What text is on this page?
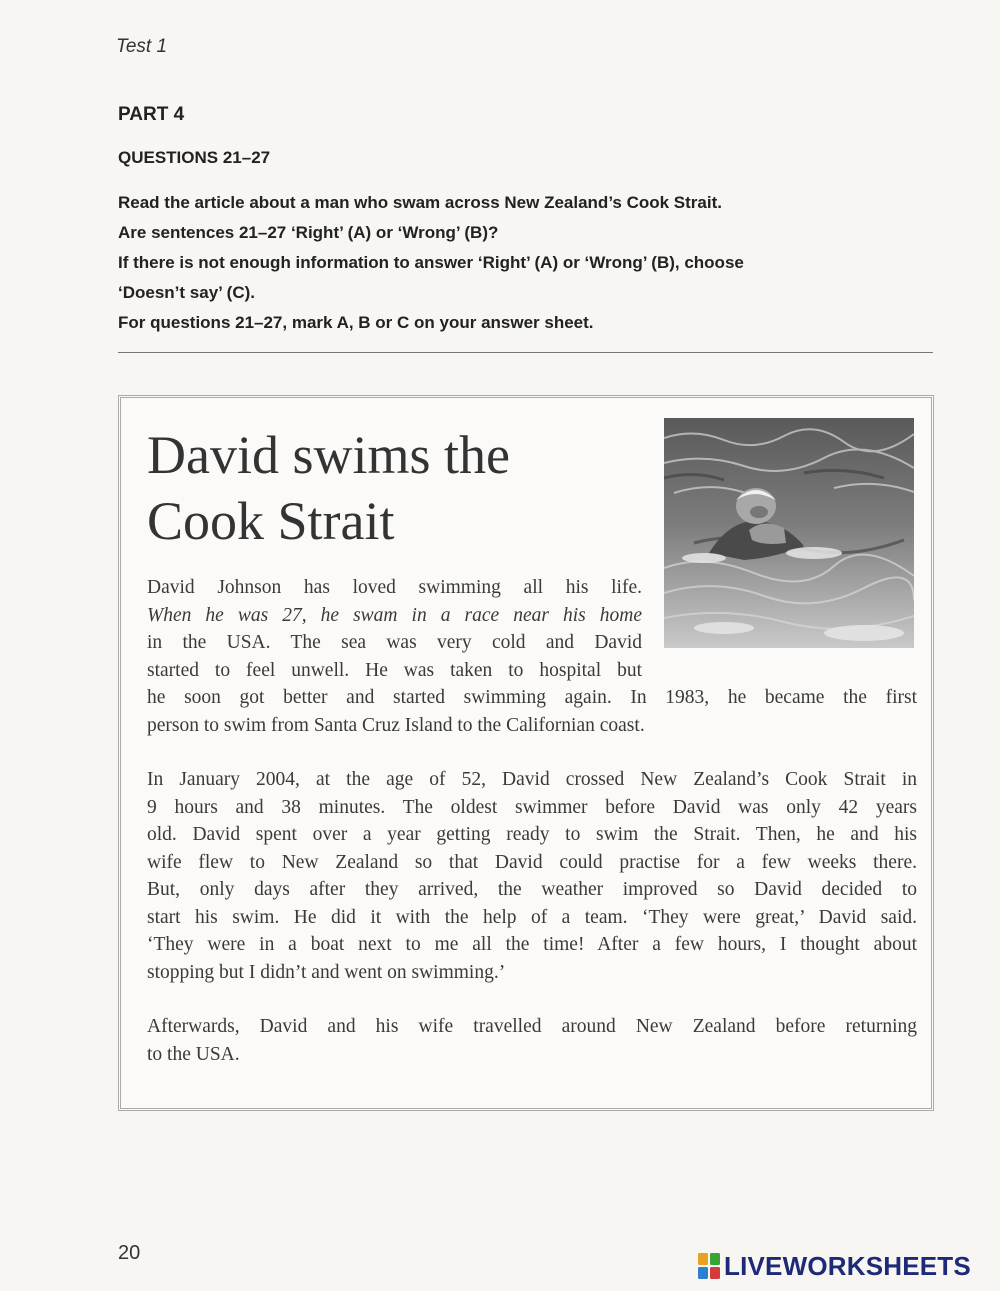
Test 1
PART 4
QUESTIONS 21–27
Read the article about a man who swam across New Zealand’s Cook Strait.
Are sentences 21–27 ‘Right’ (A) or ‘Wrong’ (B)?
If there is not enough information to answer ‘Right’ (A) or ‘Wrong’ (B), choose
‘Doesn’t say’ (C).
For questions 21–27, mark A, B or C on your answer sheet.
David swims the
Cook Strait
David Johnson has loved swimming all his life.
When he was 27, he swam in a race near his home
in the USA. The sea was very cold and David
started to feel unwell. He was taken to hospital but
he soon got better and started swimming again. In 1983, he became the first
person to swim from Santa Cruz Island to the Californian coast.
In January 2004, at the age of 52, David crossed New Zealand’s Cook Strait in
9 hours and 38 minutes. The oldest swimmer before David was only 42 years
old. David spent over a year getting ready to swim the Strait. Then, he and his
wife flew to New Zealand so that David could practise for a few weeks there.
But, only days after they arrived, the weather improved so David decided to
start his swim. He did it with the help of a team. ‘They were great,’ David said.
‘They were in a boat next to me all the time! After a few hours, I thought about
stopping but I didn’t and went on swimming.’
Afterwards, David and his wife travelled around New Zealand before returning
to the USA.
20	LIVEWORKSHEETS
